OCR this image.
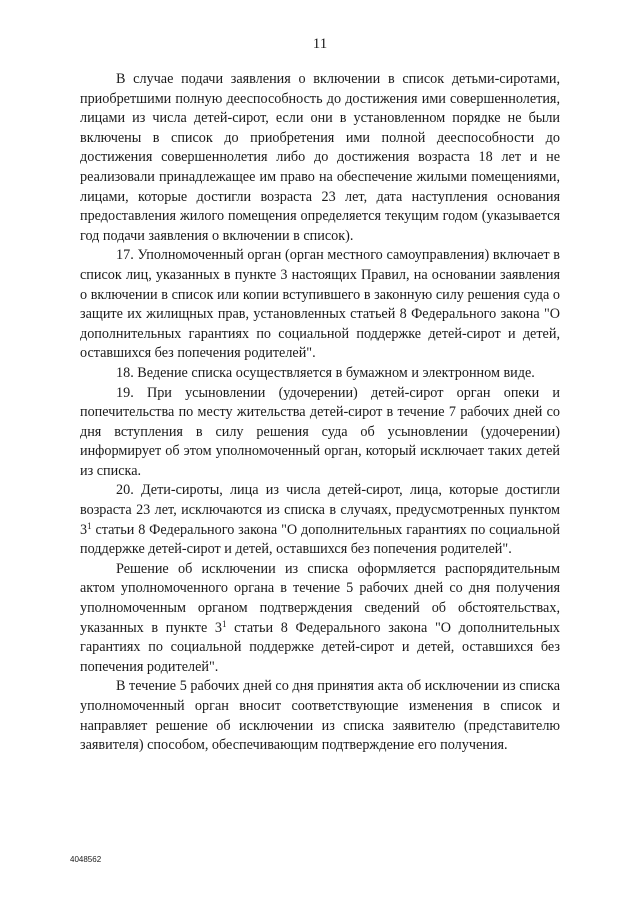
11

В случае подачи заявления о включении в список детьми-сиротами, приобретшими полную дееспособность до достижения ими совершеннолетия, лицами из числа детей-сирот, если они в установленном порядке не были включены в список до приобретения ими полной дееспособности до достижения совершеннолетия либо до достижения возраста 18 лет и не реализовали принадлежащее им право на обеспечение жилыми помещениями, лицами, которые достигли возраста 23 лет, дата наступления основания предоставления жилого помещения определяется текущим годом (указывается год подачи заявления о включении в список).

17. Уполномоченный орган (орган местного самоуправления) включает в список лиц, указанных в пункте 3 настоящих Правил, на основании заявления о включении в список или копии вступившего в законную силу решения суда о защите их жилищных прав, установленных статьей 8 Федерального закона "О дополнительных гарантиях по социальной поддержке детей-сирот и детей, оставшихся без попечения родителей".

18. Ведение списка осуществляется в бумажном и электронном виде.

19. При усыновлении (удочерении) детей-сирот орган опеки и попечительства по месту жительства детей-сирот в течение 7 рабочих дней со дня вступления в силу решения суда об усыновлении (удочерении) информирует об этом уполномоченный орган, который исключает таких детей из списка.

20. Дети-сироты, лица из числа детей-сирот, лица, которые достигли возраста 23 лет, исключаются из списка в случаях, предусмотренных пунктом $3^1$ статьи 8 Федерального закона "О дополнительных гарантиях по социальной поддержке детей-сирот и детей, оставшихся без попечения родителей".

Решение об исключении из списка оформляется распорядительным актом уполномоченного органа в течение 5 рабочих дней со дня получения уполномоченным органом подтверждения сведений об обстоятельствах, указанных в пункте $3^1$ статьи 8 Федерального закона "О дополнительных гарантиях по социальной поддержке детей-сирот и детей, оставшихся без попечения родителей".

В течение 5 рабочих дней со дня принятия акта об исключении из списка уполномоченный орган вносит соответствующие изменения в список и направляет решение об исключении из списка заявителю (представителю заявителя) способом, обеспечивающим подтверждение его получения.

4048562
